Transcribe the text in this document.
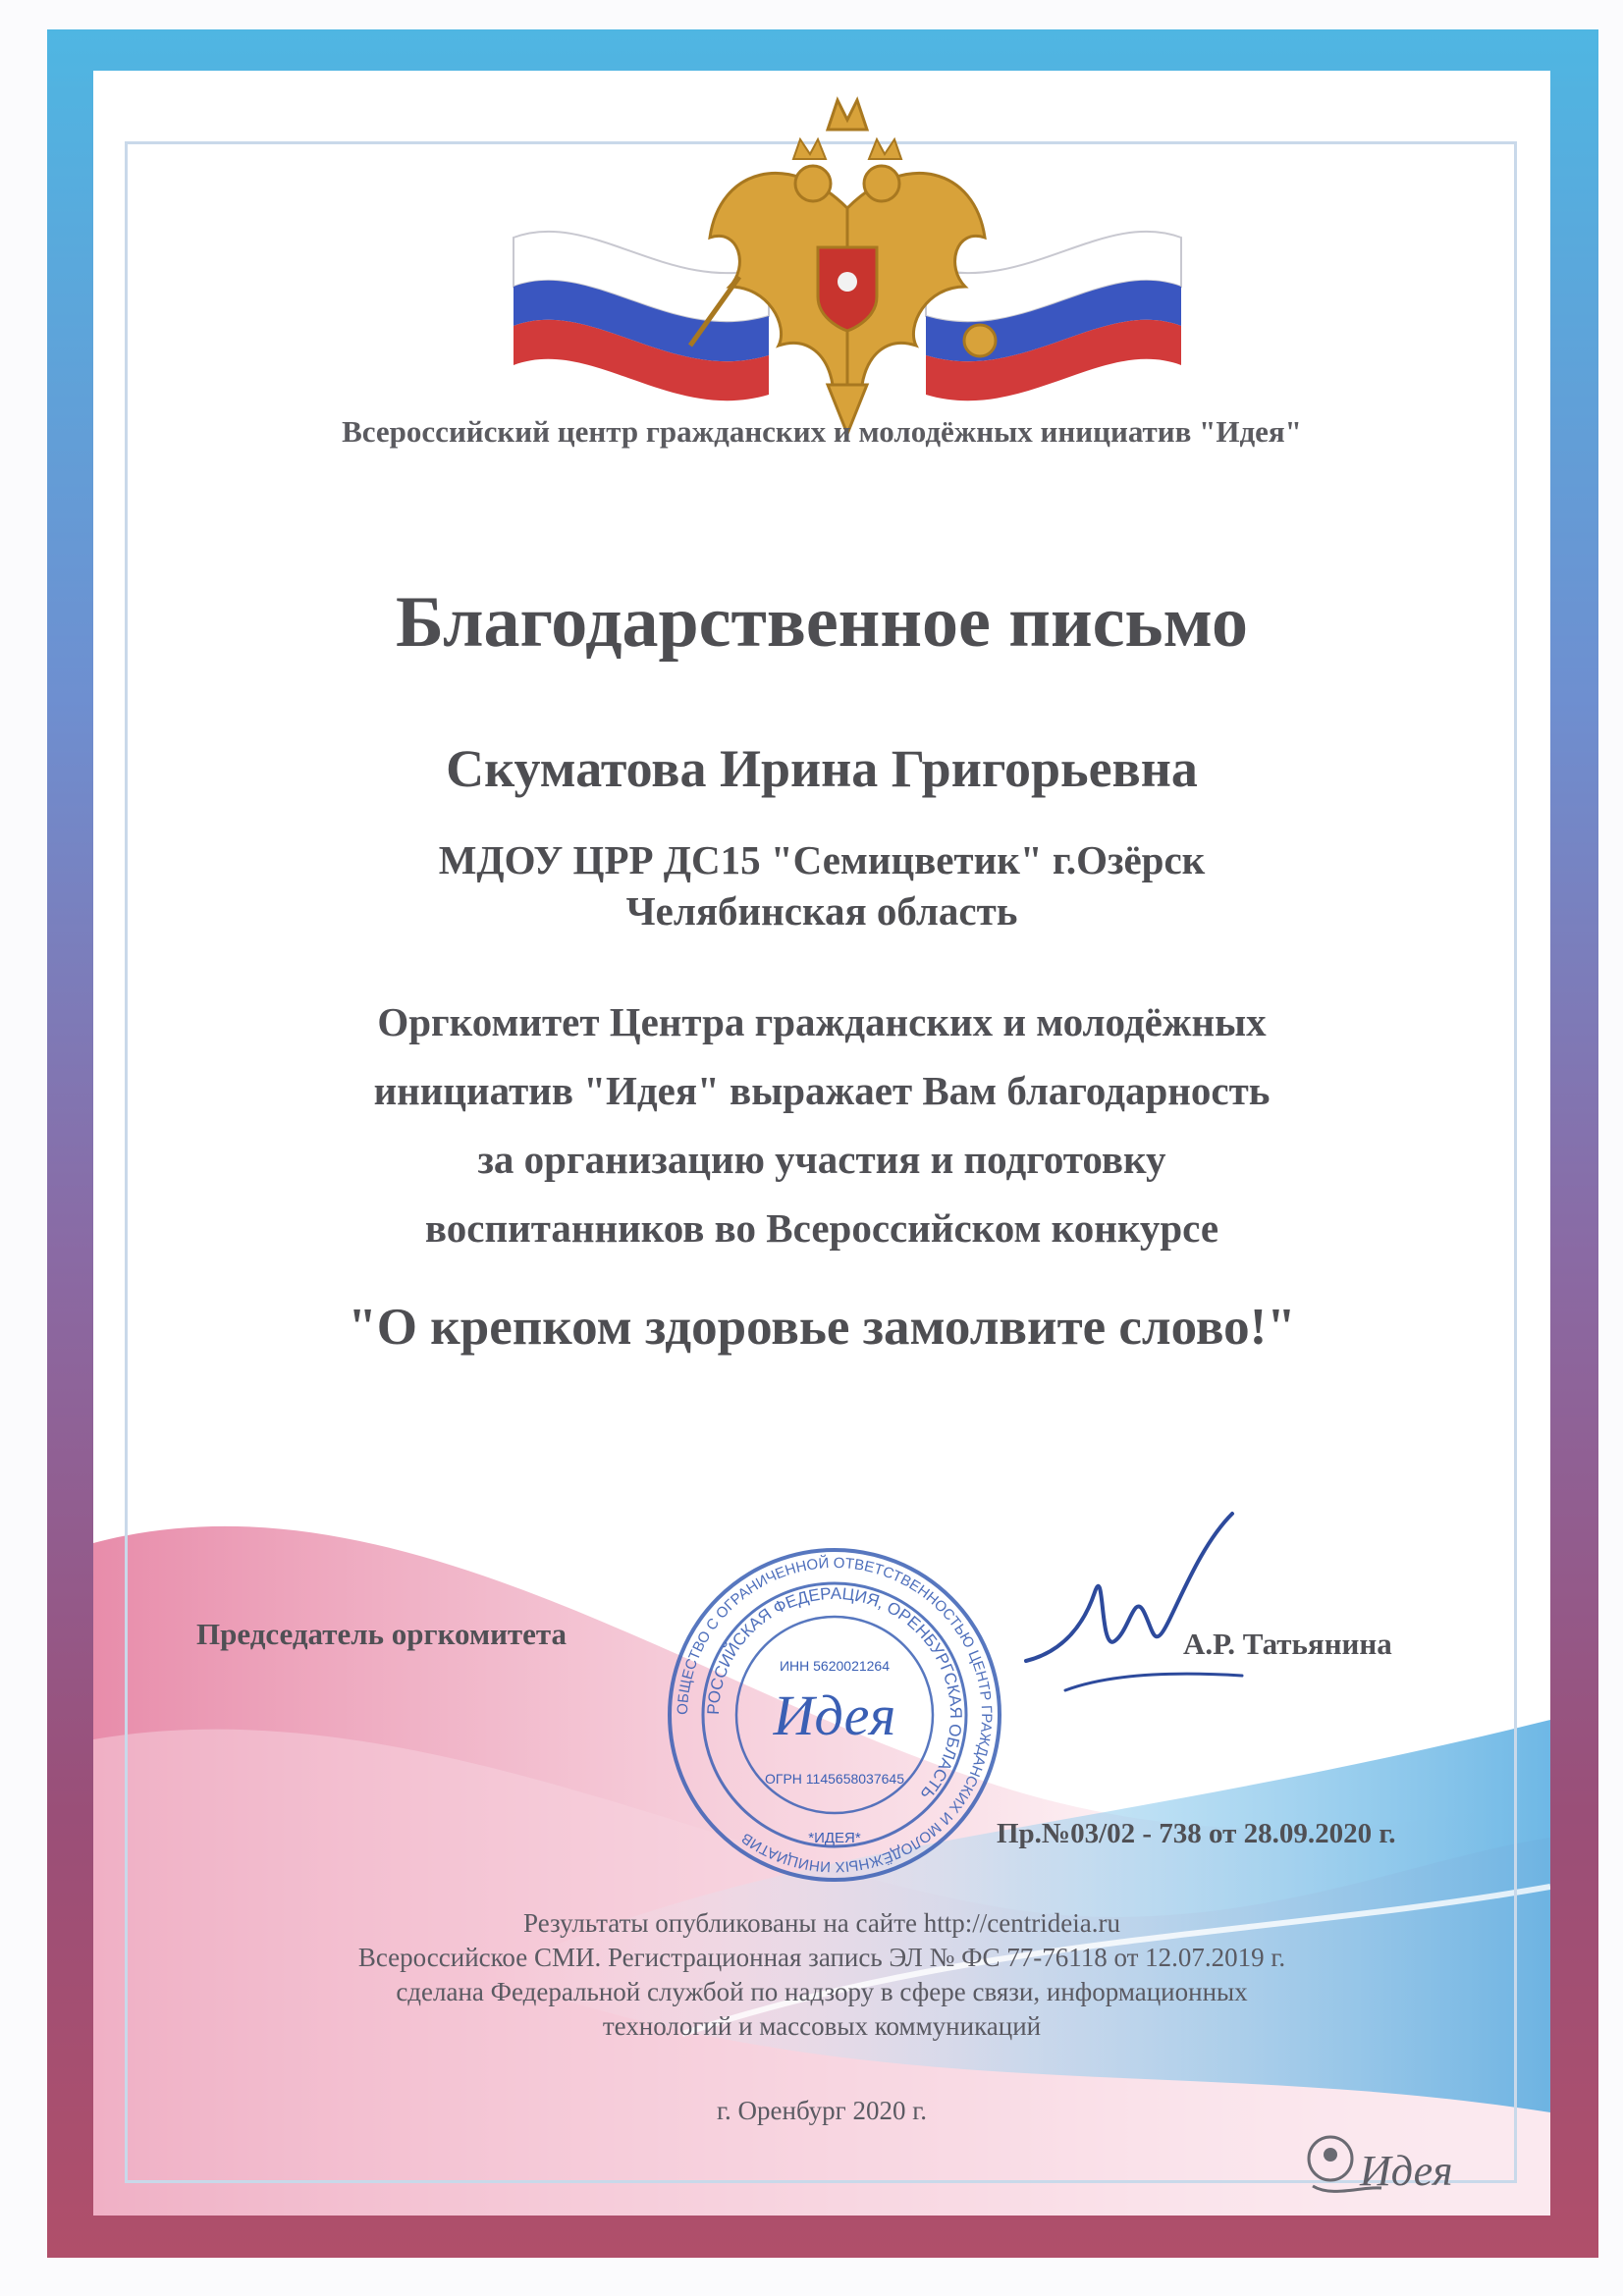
Всероссийский центр гражданских и молодёжных инициатив "Идея"
Благодарственное письмо
Скуматова Ирина Григорьевна
МДОУ ЦРР ДС15 "Семицветик" г.Озёрск
Челябинская область
Оргкомитет Центра гражданских и молодёжных
инициатив "Идея" выражает Вам благодарность
за организацию участия и подготовку
воспитанников во Всероссийском конкурсе
"О крепком здоровье замолвите слово!"
Председатель оргкомитета	А.Р. Татьянина
ОБЩЕСТВО С ОГРАНИЧЕННОЙ ОТВЕТСТВЕННОСТЬЮ ЦЕНТР ГРАЖДАНСКИХ И МОЛОДЁЖНЫХ ИНИЦИАТИВ
РОССИЙСКАЯ ФЕДЕРАЦИЯ, ОРЕНБУРГСКАЯ ОБЛАСТЬ
ИНН 5620021264
Идея
ОГРН 1145658037645
*ИДЕЯ*	Пр.№03/02 - 738 от 28.09.2020 г.
Результаты опубликованы на сайте http://centrideia.ru
Всероссийское СМИ. Регистрационная запись ЭЛ № ФС 77-76118 от 12.07.2019 г.
сделана Федеральной службой по надзору в сфере связи, информационных
технологий и массовых коммуникаций
г. Оренбург 2020 г.
Идея
